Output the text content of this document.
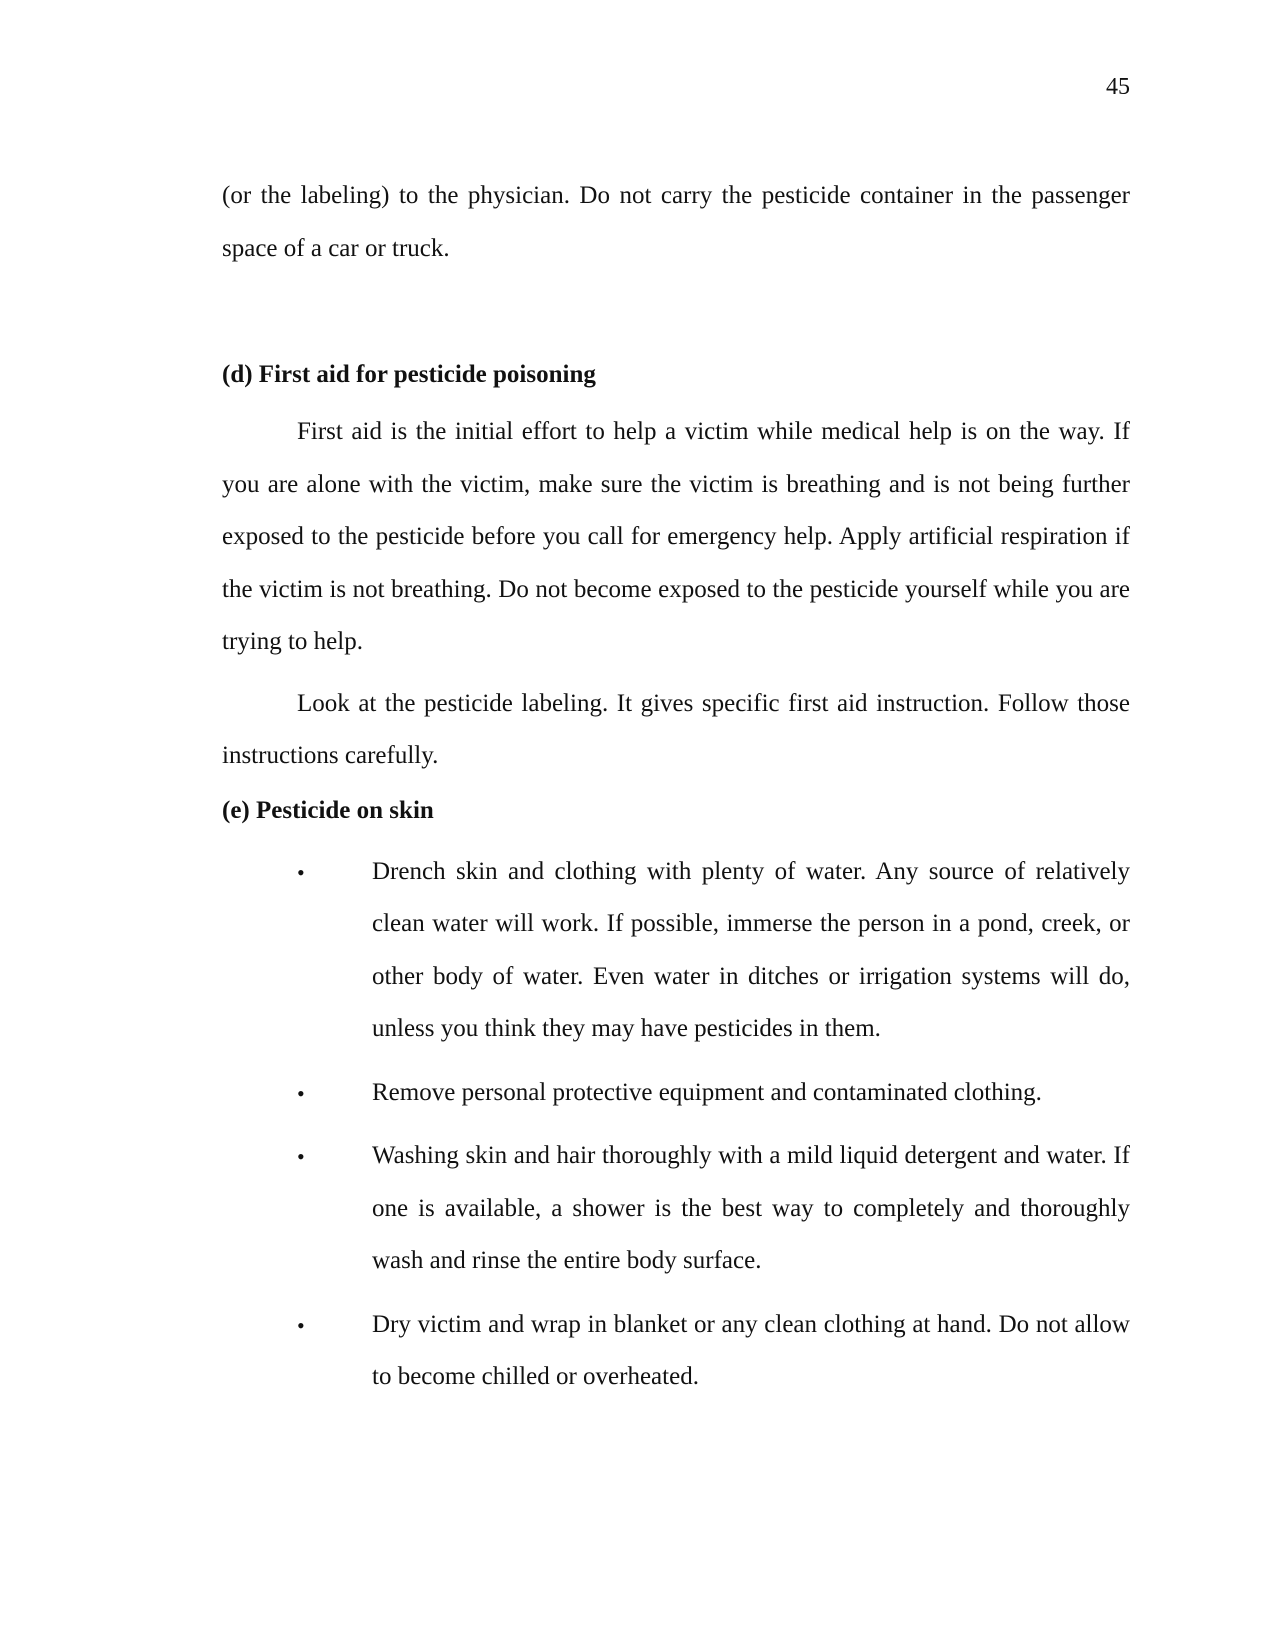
45

(or the labeling) to the physician. Do not carry the pesticide container in the passenger space of a car or truck.

(d) First aid for pesticide poisoning

First aid is the initial effort to help a victim while medical help is on the way. If you are alone with the victim, make sure the victim is breathing and is not being further exposed to the pesticide before you call for emergency help. Apply artificial respiration if the victim is not breathing. Do not become exposed to the pesticide yourself while you are trying to help.

Look at the pesticide labeling. It gives specific first aid instruction. Follow those instructions carefully.

(e) Pesticide on skin
•	Drench skin and clothing with plenty of water. Any source of relatively clean water will work. If possible, immerse the person in a pond, creek, or other body of water. Even water in ditches or irrigation systems will do, unless you think they may have pesticides in them.
•	Remove personal protective equipment and contaminated clothing.
•	Washing skin and hair thoroughly with a mild liquid detergent and water. If one is available, a shower is the best way to completely and thoroughly wash and rinse the entire body surface.
•	Dry victim and wrap in blanket or any clean clothing at hand. Do not allow to become chilled or overheated.
